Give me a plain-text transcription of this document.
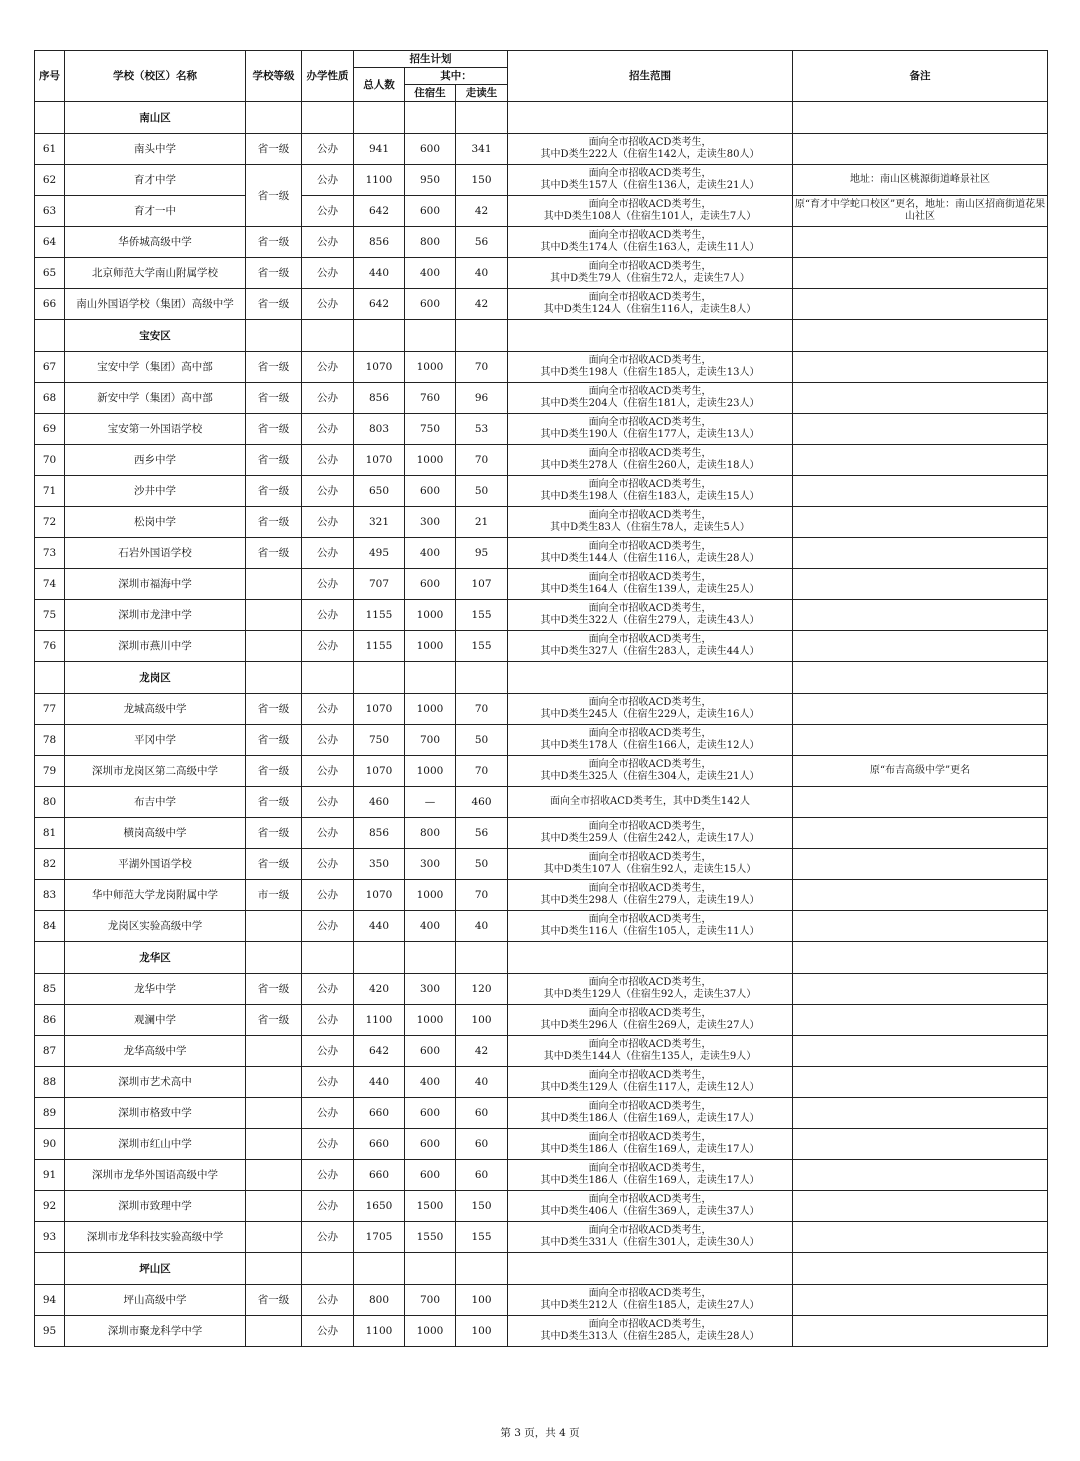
序号	学校（校区）名称	学校等级	办学性质	招生计划			招生范围	备注
				总人数	其中：			
					住宿生	走读生		
	南山区							
61	南头中学	省一级	公办	941	600	341	面向全市招收ACD类考生，
其中D类生222人（住宿生142人，走读生80人）	

62	育才中学	省一级	公办	1100	950	150	面向全市招收ACD类考生，
其中D类生157人（住宿生136人，走读生21人）	地址：南山区桃源街道峰景社区
63	育才一中		公办	642	600	42	面向全市招收ACD类考生，
其中D类生108人（住宿生101人，走读生7人）	原“育才中学蛇口校区”更名，地址：南山区招商街道花果山社区
64	华侨城高级中学	省一级	公办	856	800	56	面向全市招收ACD类考生，
其中D类生174人（住宿生163人，走读生11人）	

65	北京师范大学南山附属学校	省一级	公办	440	400	40	面向全市招收ACD类考生，
其中D类生79人（住宿生72人，走读生7人）	

66	南山外国语学校（集团）高级中学	省一级	公办	642	600	42	面向全市招收ACD类考生，
其中D类生124人（住宿生116人，走读生8人）	

	宝安区							
67	宝安中学（集团）高中部	省一级	公办	1070	1000	70	面向全市招收ACD类考生，
其中D类生198人（住宿生185人，走读生13人）	

68	新安中学（集团）高中部	省一级	公办	856	760	96	面向全市招收ACD类考生，
其中D类生204人（住宿生181人，走读生23人）	

69	宝安第一外国语学校	省一级	公办	803	750	53	面向全市招收ACD类考生，
其中D类生190人（住宿生177人，走读生13人）	

70	西乡中学	省一级	公办	1070	1000	70	面向全市招收ACD类考生，
其中D类生278人（住宿生260人，走读生18人）	

71	沙井中学	省一级	公办	650	600	50	面向全市招收ACD类考生，
其中D类生198人（住宿生183人，走读生15人）	

72	松岗中学	省一级	公办	321	300	21	面向全市招收ACD类考生，
其中D类生83人（住宿生78人，走读生5人）	

73	石岩外国语学校	省一级	公办	495	400	95	面向全市招收ACD类考生，
其中D类生144人（住宿生116人，走读生28人）	

74	深圳市福海中学		公办	707	600	107	面向全市招收ACD类考生，
其中D类生164人（住宿生139人，走读生25人）	

75	深圳市龙津中学		公办	1155	1000	155	面向全市招收ACD类考生，
其中D类生322人（住宿生279人，走读生43人）	

76	深圳市燕川中学		公办	1155	1000	155	面向全市招收ACD类考生，
其中D类生327人（住宿生283人，走读生44人）	

	龙岗区							
77	龙城高级中学	省一级	公办	1070	1000	70	面向全市招收ACD类考生，
其中D类生245人（住宿生229人，走读生16人）	

78	平冈中学	省一级	公办	750	700	50	面向全市招收ACD类考生，
其中D类生178人（住宿生166人，走读生12人）	

79	深圳市龙岗区第二高级中学	省一级	公办	1070	1000	70	面向全市招收ACD类考生，
其中D类生325人（住宿生304人，走读生21人）	原“布吉高级中学”更名
80	布吉中学	省一级	公办	460	—	460	面向全市招收ACD类考生，其中D类生142人	

81	横岗高级中学	省一级	公办	856	800	56	面向全市招收ACD类考生，
其中D类生259人（住宿生242人，走读生17人）	

82	平湖外国语学校	省一级	公办	350	300	50	面向全市招收ACD类考生，
其中D类生107人（住宿生92人，走读生15人）	

83	华中师范大学龙岗附属中学	市一级	公办	1070	1000	70	面向全市招收ACD类考生，
其中D类生298人（住宿生279人，走读生19人）	

84	龙岗区实验高级中学		公办	440	400	40	面向全市招收ACD类考生，
其中D类生116人（住宿生105人，走读生11人）	

	龙华区							
85	龙华中学	省一级	公办	420	300	120	面向全市招收ACD类考生，
其中D类生129人（住宿生92人，走读生37人）	

86	观澜中学	省一级	公办	1100	1000	100	面向全市招收ACD类考生，
其中D类生296人（住宿生269人，走读生27人）	

87	龙华高级中学		公办	642	600	42	面向全市招收ACD类考生，
其中D类生144人（住宿生135人，走读生9人）	

88	深圳市艺术高中		公办	440	400	40	面向全市招收ACD类考生，
其中D类生129人（住宿生117人，走读生12人）	

89	深圳市格致中学		公办	660	600	60	面向全市招收ACD类考生，
其中D类生186人（住宿生169人，走读生17人）	

90	深圳市红山中学		公办	660	600	60	面向全市招收ACD类考生，
其中D类生186人（住宿生169人，走读生17人）	

91	深圳市龙华外国语高级中学		公办	660	600	60	面向全市招收ACD类考生，
其中D类生186人（住宿生169人，走读生17人）	

92	深圳市致理中学		公办	1650	1500	150	面向全市招收ACD类考生，
其中D类生406人（住宿生369人，走读生37人）	

93	深圳市龙华科技实验高级中学		公办	1705	1550	155	面向全市招收ACD类考生，
其中D类生331人（住宿生301人，走读生30人）	

	坪山区							
94	坪山高级中学	省一级	公办	800	700	100	面向全市招收ACD类考生，
其中D类生212人（住宿生185人，走读生27人）	

95	深圳市聚龙科学中学		公办	1100	1000	100	面向全市招收ACD类考生，
其中D类生313人（住宿生285人，走读生28人）	

第 3 页，共 4 页
